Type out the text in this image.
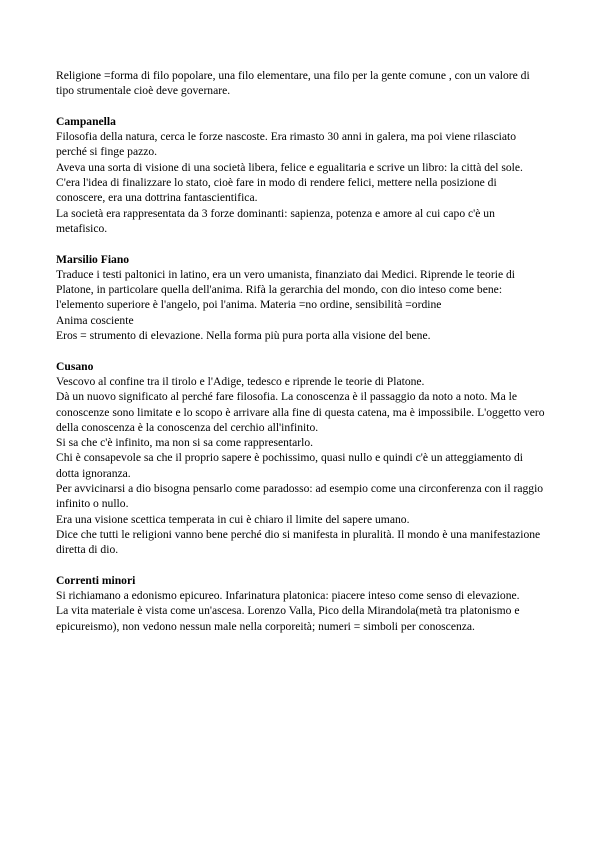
Religione =forma di filo popolare, una filo elementare, una filo per la gente comune , con un valore di tipo strumentale cioè deve governare.

Campanella

Filosofia della natura, cerca le forze nascoste. Era rimasto 30 anni in galera, ma poi viene rilasciato perché si finge pazzo.

Aveva una sorta di visione di una società libera, felice e egualitaria e scrive un libro: la città del sole. C'era l'idea di finalizzare lo stato, cioè fare in modo di rendere felici, mettere nella posizione di conoscere, era una dottrina fantascientifica.

La società era rappresentata da 3 forze dominanti: sapienza, potenza e amore al cui capo c'è un metafisico.

Marsilio Fiano

Traduce i testi paltonici in latino, era un vero umanista, finanziato dai Medici. Riprende le teorie di Platone, in particolare quella dell'anima. Rifà la gerarchia del mondo, con dio inteso come bene: l'elemento superiore è l'angelo, poi l'anima. Materia =no ordine, sensibilità =ordine

Anima cosciente

Eros = strumento di elevazione. Nella forma più pura porta alla visione del bene.

Cusano

Vescovo al confine tra il tirolo e l'Adige, tedesco e riprende le teorie di Platone.

Dà un nuovo significato al perché fare filosofia. La conoscenza è il passaggio da noto a noto. Ma le conoscenze sono limitate e lo scopo è arrivare alla fine di questa catena, ma è impossibile. L'oggetto vero della conoscenza è la conoscenza del cerchio all'infinito.

Si sa che c'è infinito, ma non si sa come rappresentarlo.

Chi è consapevole sa che il proprio sapere è pochissimo, quasi nullo e quindi c'è un atteggiamento di dotta ignoranza.

Per avvicinarsi a dio bisogna pensarlo come paradosso: ad esempio come una circonferenza con il raggio infinito o nullo.

Era una visione scettica temperata in cui è chiaro il limite del sapere umano.

Dice che tutti le religioni vanno bene perché dio si manifesta in pluralità. Il mondo è una manifestazione diretta di dio.

Correnti minori

Si richiamano a edonismo epicureo. Infarinatura platonica: piacere inteso come senso di elevazione.

La vita materiale è vista come un'ascesa. Lorenzo Valla, Pico della Mirandola(metà tra platonismo e epicureismo), non vedono nessun male nella corporeità; numeri = simboli per conoscenza.
